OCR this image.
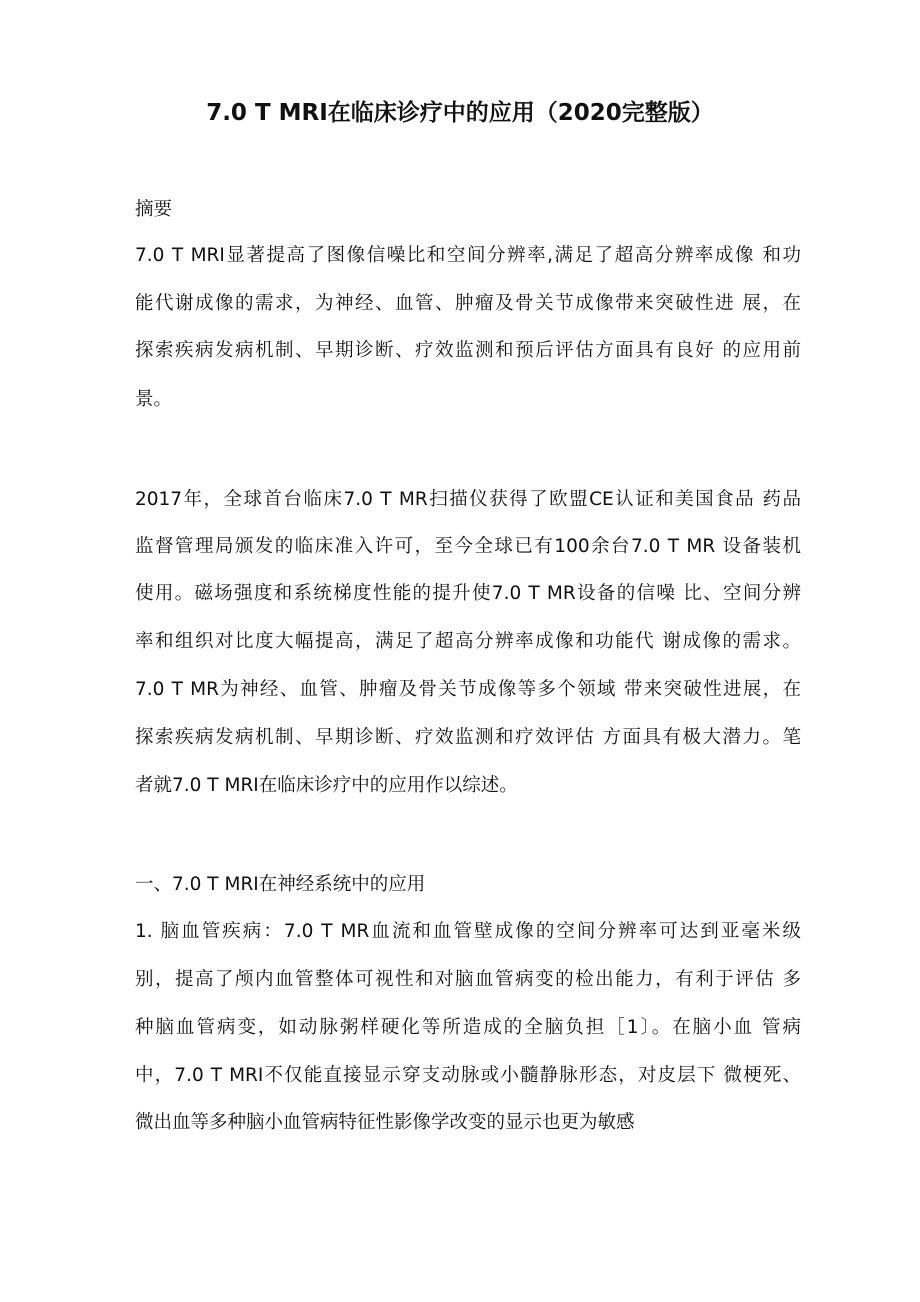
7.0 T MRI在临床诊疗中的应用（2020完整版）
摘要
7.0 T MRI显著提高了图像信噪比和空间分辨率,满足了超高分辨率成像 和功
能代谢成像的需求，为神经、血管、肿瘤及骨关节成像带来突破性进 展，在
探索疾病发病机制、早期诊断、疗效监测和预后评估方面具有良好 的应用前
景。
2017年，全球首台临床7.0 T MR扫描仪获得了欧盟CE认证和美国食品 药品
监督管理局颁发的临床准入许可，至今全球已有100余台7.0 T MR 设备装机
使用。磁场强度和系统梯度性能的提升使7.0 T MR设备的信噪 比、空间分辨
率和组织对比度大幅提高，满足了超高分辨率成像和功能代 谢成像的需求。
7.0 T MR为神经、血管、肿瘤及骨关节成像等多个领域 带来突破性进展，在
探索疾病发病机制、早期诊断、疗效监测和疗效评估 方面具有极大潜力。笔
者就7.0 T MRI在临床诊疗中的应用作以综述。
一、7.0 T MRI在神经系统中的应用
1. 脑血管疾病：7.0 T MR血流和血管壁成像的空间分辨率可达到亚毫米级
别，提高了颅内血管整体可视性和对脑血管病变的检出能力，有利于评估 多
种脑血管病变，如动脉粥样硬化等所造成的全脑负担［1〕。在脑小血 管病
中，7.0 T MRI不仅能直接显示穿支动脉或小髓静脉形态，对皮层下 微梗死、
微出血等多种脑小血管病特征性影像学改变的显示也更为敏感
